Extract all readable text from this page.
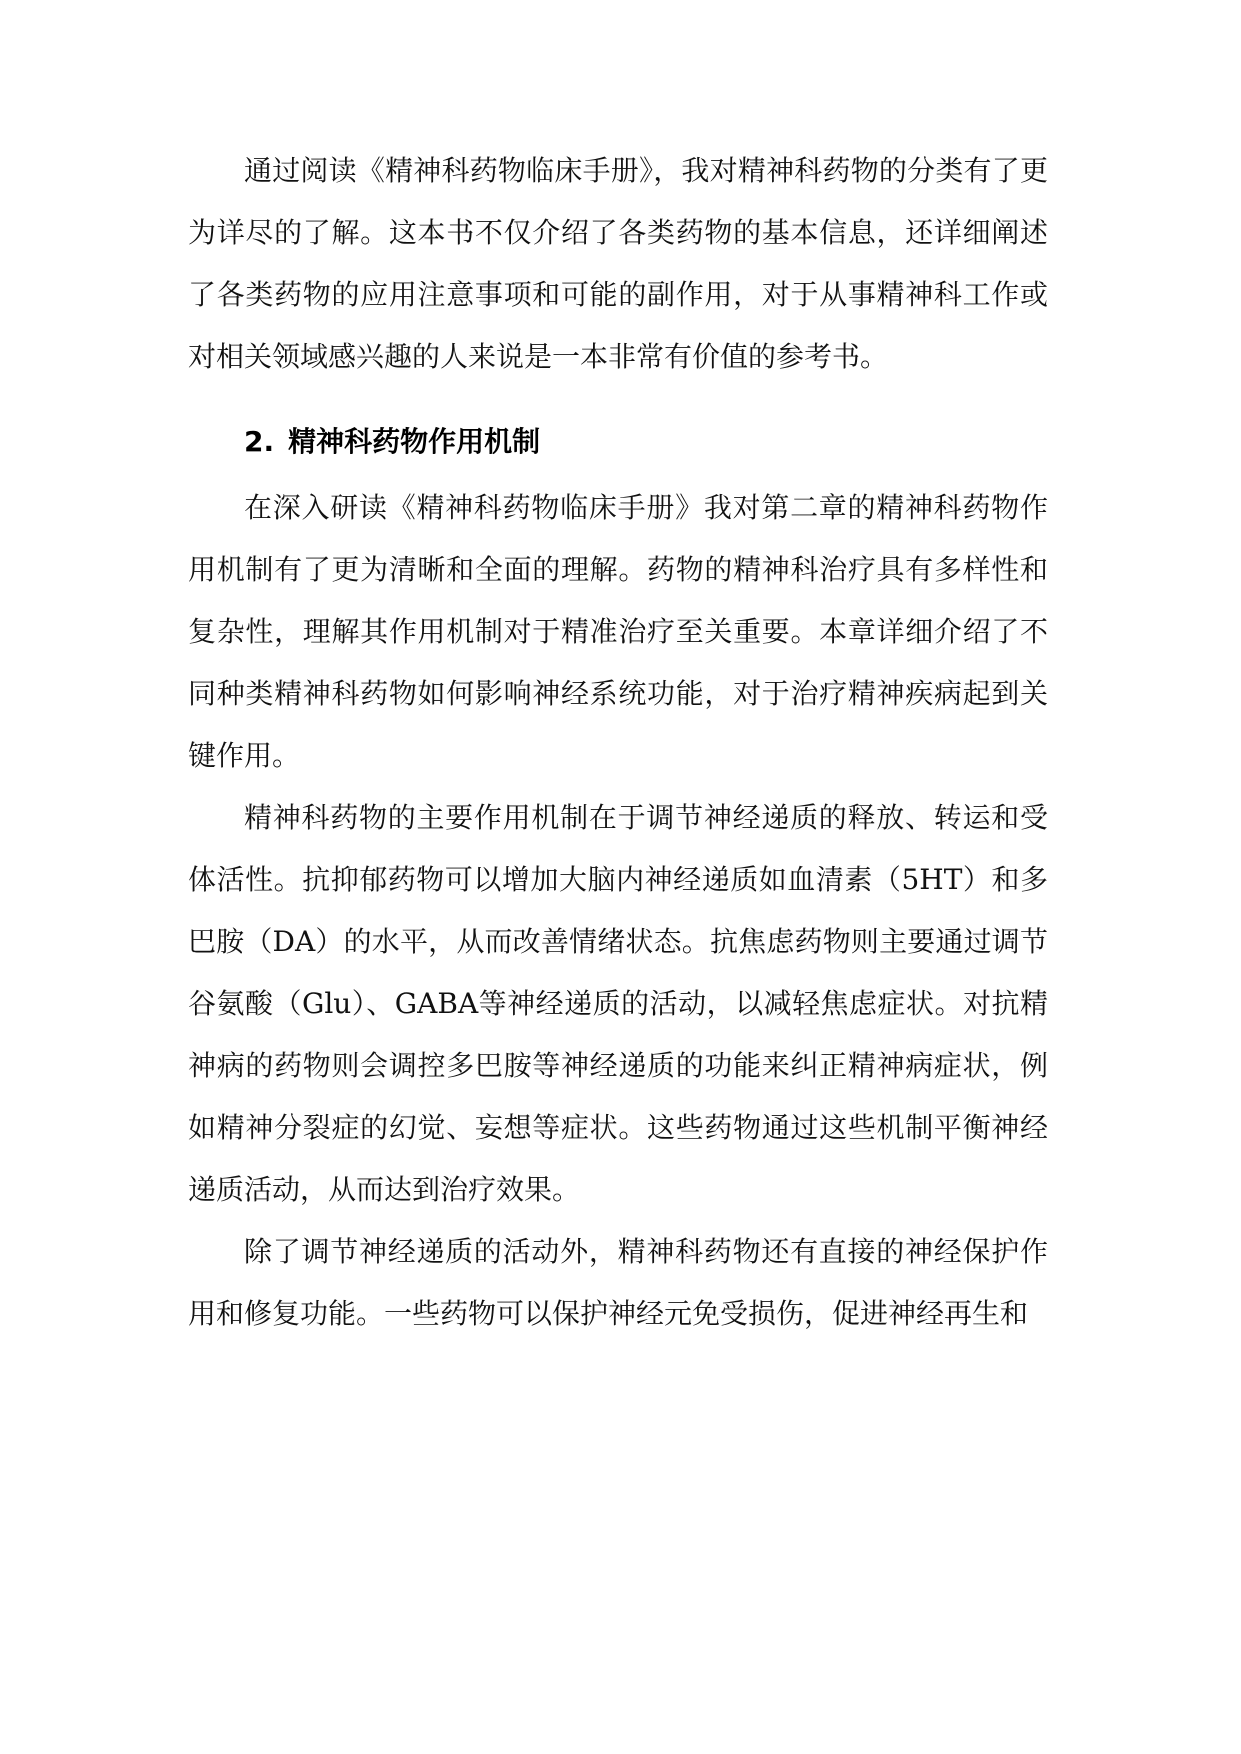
通过阅读《精神科药物临床手册》，我对精神科药物的分类有了更为详尽的了解。这本书不仅介绍了各类药物的基本信息，还详细阐述了各类药物的应用注意事项和可能的副作用，对于从事精神科工作或对相关领域感兴趣的人来说是一本非常有价值的参考书。

2. 精神科药物作用机制

在深入研读《精神科药物临床手册》我对第二章的精神科药物作用机制有了更为清晰和全面的理解。药物的精神科治疗具有多样性和复杂性，理解其作用机制对于精准治疗至关重要。本章详细介绍了不同种类精神科药物如何影响神经系统功能，对于治疗精神疾病起到关键作用。

精神科药物的主要作用机制在于调节神经递质的释放、转运和受体活性。抗抑郁药物可以增加大脑内神经递质如血清素（5HT）和多巴胺（DA）的水平，从而改善情绪状态。抗焦虑药物则主要通过调节谷氨酸（Glu）、GABA等神经递质的活动，以减轻焦虑症状。对抗精神病的药物则会调控多巴胺等神经递质的功能来纠正精神病症状，例如精神分裂症的幻觉、妄想等症状。这些药物通过这些机制平衡神经递质活动，从而达到治疗效果。

除了调节神经递质的活动外，精神科药物还有直接的神经保护作用和修复功能。一些药物可以保护神经元免受损伤，促进神经再生和
